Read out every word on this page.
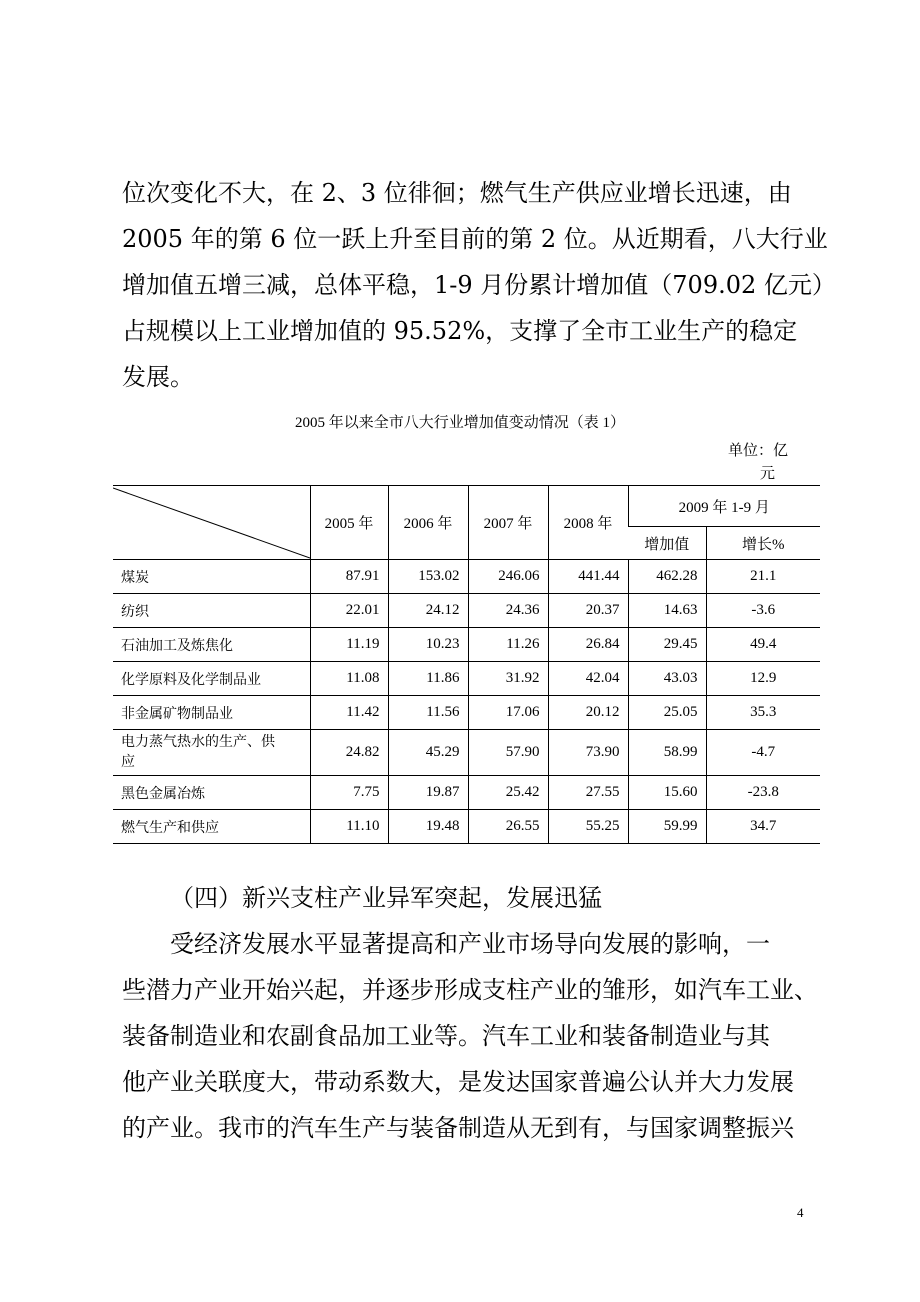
位次变化不大，在 2、3 位徘徊；燃气生产供应业增长迅速，由

2005 年的第 6 位一跃上升至目前的第 2 位。从近期看，八大行业

增加值五增三减，总体平稳，1-9 月份累计增加值（709.02 亿元）

占规模以上工业增加值的 95.52%，支撑了全市工业生产的稳定

发展。

2005 年以来全市八大行业增加值变动情况（表 1）
单位：亿
元
	2005 年	2006 年	2007 年	2008 年	2009 年 1-9 月	
					增加值	增长%
煤炭	87.91	153.02	246.06	441.44	462.28	21.1
纺织	22.01	24.12	24.36	20.37	14.63	-3.6
石油加工及炼焦化	11.19	10.23	11.26	26.84	29.45	49.4
化学原料及化学制品业	11.08	11.86	31.92	42.04	43.03	12.9
非金属矿物制品业	11.42	11.56	17.06	20.12	25.05	35.3

电力蒸气热水的生产、供
应	24.82	45.29	57.90	73.90	58.99	-4.7
黑色金属冶炼	7.75	19.87	25.42	27.55	15.60	-23.8
燃气生产和供应	11.10	19.48	26.55	55.25	59.99	34.7

（四）新兴支柱产业异军突起，发展迅猛

受经济发展水平显著提高和产业市场导向发展的影响，一

些潜力产业开始兴起，并逐步形成支柱产业的雏形，如汽车工业、

装备制造业和农副食品加工业等。汽车工业和装备制造业与其

他产业关联度大，带动系数大，是发达国家普遍公认并大力发展

的产业。我市的汽车生产与装备制造从无到有，与国家调整振兴

4
